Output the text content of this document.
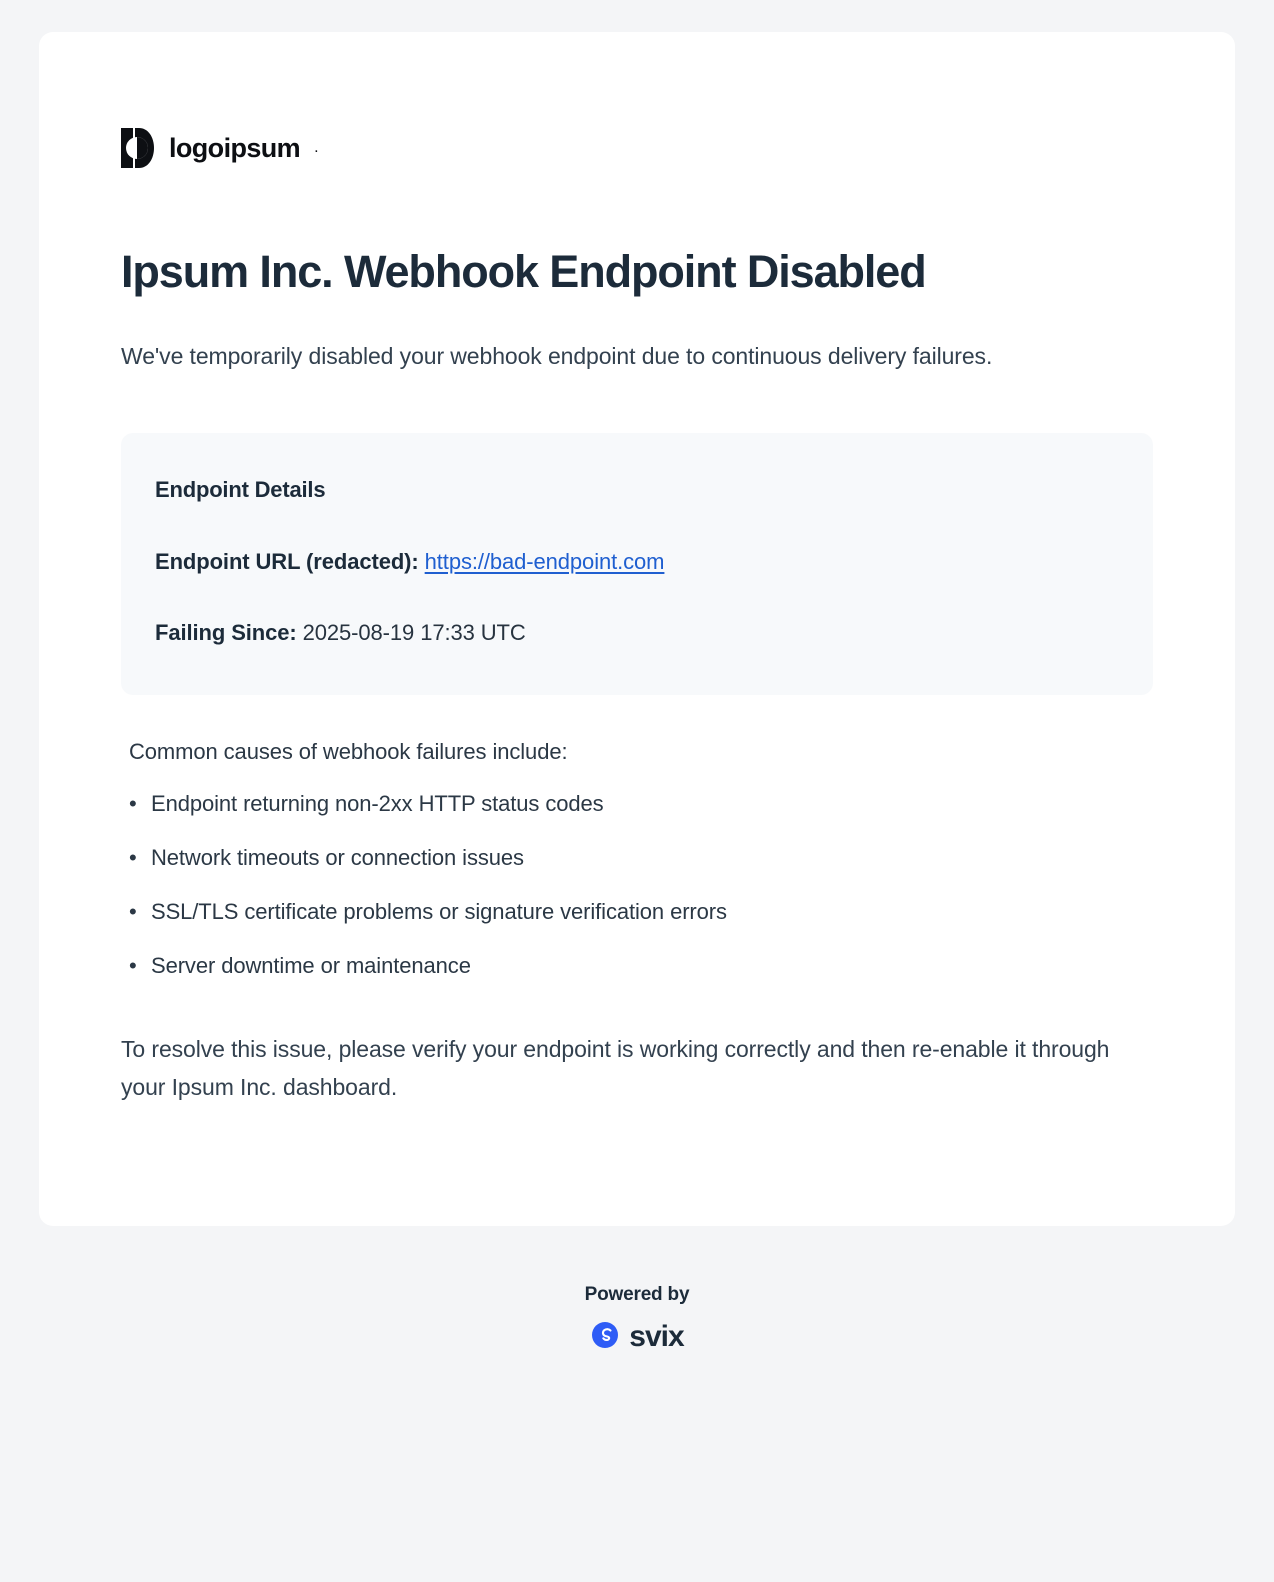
logoipsum .
Ipsum Inc. Webhook Endpoint Disabled

We've temporarily disabled your webhook endpoint due to continuous delivery failures.

Endpoint Details

Endpoint URL (redacted): https://bad-endpoint.com

Failing Since: 2025-08-19 17:33 UTC

Common causes of webhook failures include:

• Endpoint returning non-2xx HTTP status codes
• Network timeouts or connection issues
• SSL/TLS certificate problems or signature verification errors
• Server downtime or maintenance

To resolve this issue, please verify your endpoint is working correctly and then re-enable it through your Ipsum Inc. dashboard.

Powered by
svix
